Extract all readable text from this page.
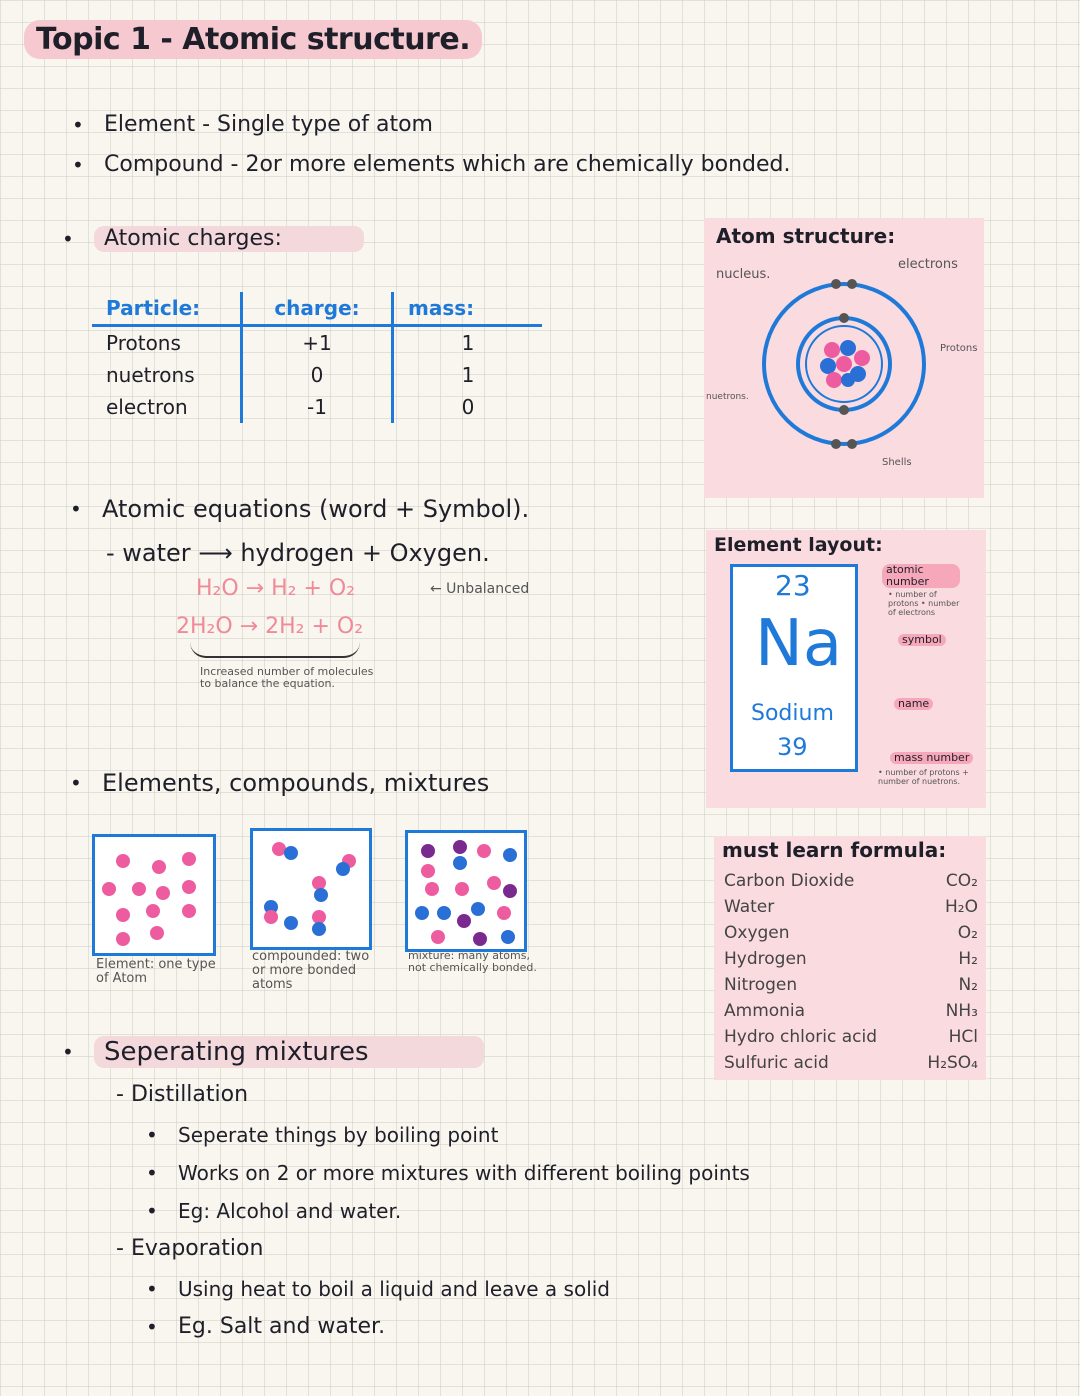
Topic 1 - Atomic structure.
• Element - Single type of atom
• Compound - 2or more elements which are chemically bonded.
• Atomic charges:
Particle:	charge:	mass:
Protons	+1	1
nuetrons	0	1
electron	-1	0
Atom structure:
nucleus.
electrons
Protons
nuetrons.
Shells
• Atomic equations (word + Symbol).
- water ⟶ hydrogen + Oxygen.
H₂O → H₂ + O₂	← Unbalanced
2H₂O → 2H₂ + O₂
Increased number of molecules to balance the equation.
Element layout:
23
Na
Sodium
39
atomic number
• number of protons • number of electrons
symbol
name
mass number
• number of protons + number of nuetrons.
• Elements, compounds, mixtures
Element: one type of Atom
compounded: two or more bonded atoms
mixture: many atoms, not chemically bonded.
must learn formula:
Carbon Dioxide	CO₂
Water	H₂O
Oxygen	O₂
Hydrogen	H₂
Nitrogen	N₂
Ammonia	NH₃
Hydro chloric acid	HCl
Sulfuric acid	H₂SO₄
• Seperating mixtures
- Distillation
• Seperate things by boiling point
• Works on 2 or more mixtures with different boiling points
• Eg: Alcohol and water.
- Evaporation
• Using heat to boil a liquid and leave a solid
• Eg. Salt and water.
